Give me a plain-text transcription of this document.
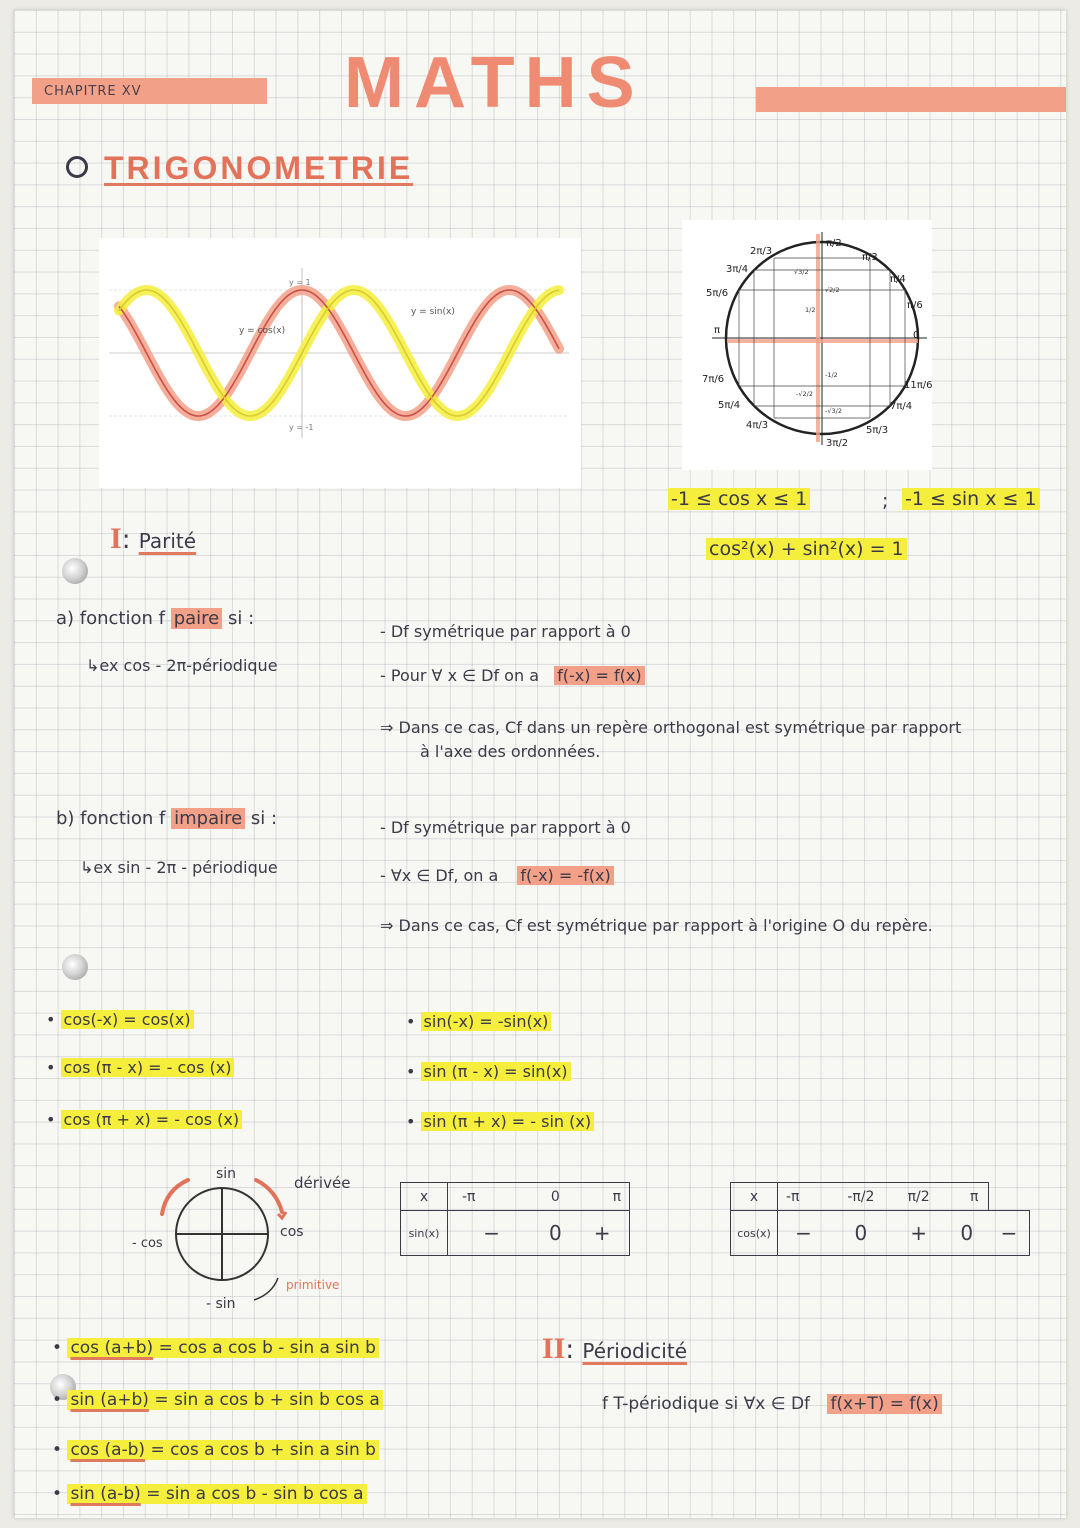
CHAPITRE XV	MATHS
TRIGONOMETRIE
y = cos(x)
y = sin(x)
y = 1
y = -1
π/2
π/3
π/4
π/6
0
2π/3
3π/4
5π/6
π
7π/6
5π/4
4π/3
3π/2
5π/3
7π/4
11π/6
√3/2
√2/2
1/2
-1/2
-√2/2
-√3/2
-1 ≤ cos x ≤ 1	; -1 ≤ sin x ≤ 1
cos²(x) + sin²(x) = 1
I: Parité
a) fonction f paire si :
↳ex cos - 2π-périodique
- Df symétrique par rapport à 0
- Pour ∀ x ∈ Df on a f(-x) = f(x)
⇒ Dans ce cas, Cf dans un repère orthogonal est symétrique par rapport
à l'axe des ordonnées.
b) fonction f impaire si :
↳ex sin - 2π - périodique
- Df symétrique par rapport à 0
- ∀x ∈ Df, on a f(-x) = -f(x)
⇒ Dans ce cas, Cf est symétrique par rapport à l'origine O du repère.
• cos(-x) = cos(x)
• cos (π - x) = - cos (x)
• cos (π + x) = - cos (x)
• sin(-x) = -sin(x)
• sin (π - x) = sin(x)
• sin (π + x) = - sin (x)
sin
- cos
cos
- sin
dérivée
primitive
x	-π	0	π
sin(x)	−	0	+
x	-π	-π/2	π/2	π	
cos(x)	−	0	+	0	−
• cos (a+b) = cos a cos b - sin a sin b
• sin (a+b) = sin a cos b + sin b cos a
• cos (a-b) = cos a cos b + sin a sin b
• sin (a-b) = sin a cos b - sin b cos a
II: Périodicité
f T-périodique si ∀x ∈ Df f(x+T) = f(x)
